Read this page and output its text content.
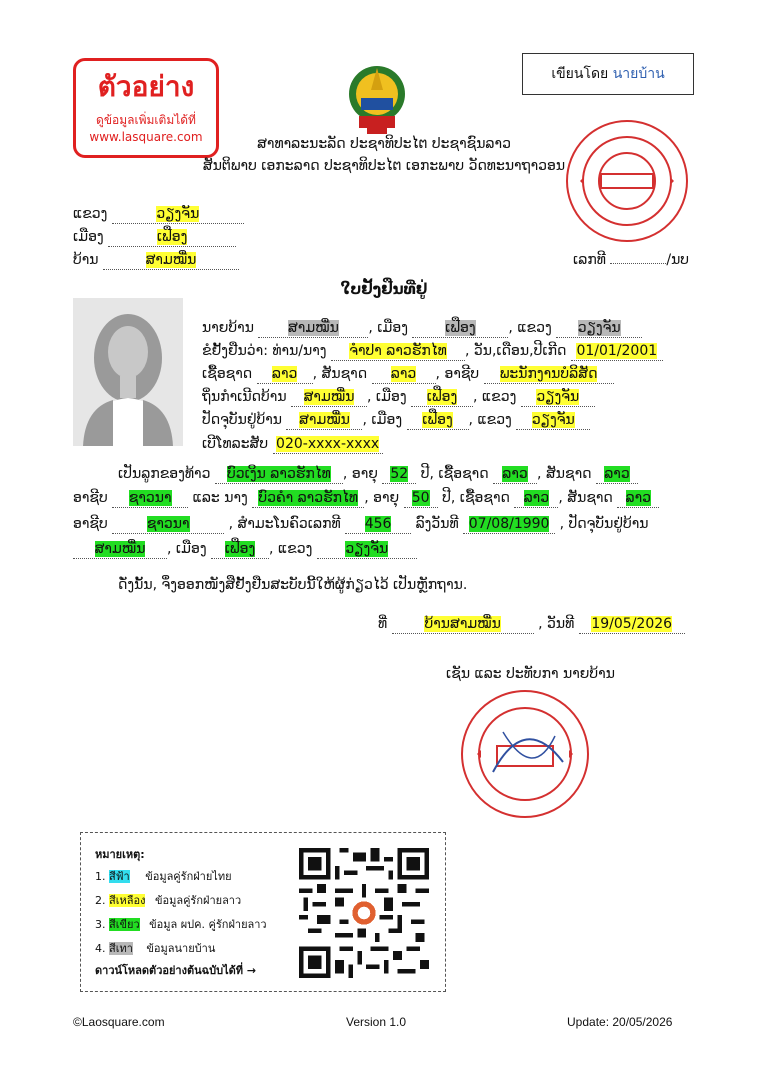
ตัวอย่าง
ดูข้อมูลเพิ่มเติมได้ที่
www.lasquare.com
เขียนโดย นายบ้าน
ສາທາລະນະລັດ ປະຊາທິປະໄຕ ປະຊາຊົນລາວ
ສັນຕິພາບ ເອກະລາດ ປະຊາທິປະໄຕ ເອກະພາບ ວັດທະນາຖາວອນ
ແຂວງ	ວຽງຈັນ
ເມືອງ	ເຟືອງ
ບ້ານ	ສາມໝື່ນ	ເລກທີ	/ນບ
ໃບຢັ້ງຢືນທີ່ຢູ່
ນາຍບ້ານ ສາມໝື່ນ , ເມືອງ	ເຟືອງ , ແຂວງ ວຽງຈັນ
ຂໍຢັ້ງຢືນວ່າ: ທ່ານ/ນາງ ຈຳປາ ລາວຮັກໄທ , ວັນ,ເດືອນ,ປີເກີດ 01/01/2001
ເຊື້ອຊາດ ລາວ , ສັນຊາດ ລາວ , ອາຊີບ ພະນັກງານບໍລິສັດ
ຖິ່ນກຳເນີດບ້ານ ສາມໝື່ນ , ເມືອງ ເຟືອງ , ແຂວງ ວຽງຈັນ
ປັດຈຸບັນຢູ່ບ້ານ ສາມໝື່ນ , ເມືອງ ເຟືອງ , ແຂວງ ວຽງຈັນ
ເບີໂທລະສັບ 020-xxxx-xxxx
ເປັນລູກຂອງທ້າວ ບົວເງິນ ລາວຮັກໄທ , ອາຍຸ 52 ປີ, ເຊື້ອຊາດ ລາວ , ສັນຊາດ ລາວ
ອາຊີບ ຊາວນາ ແລະ ນາງ ບົວຄຳ ລາວຮັກໄທ , ອາຍຸ 50 ປີ, ເຊື້ອຊາດ ລາວ , ສັນຊາດ ລາວ
ອາຊີບ	ຊາວນາ	, ສຳມະໂນຄົວເລກທີ 456 ລົງວັນທີ 07/08/1990 , ປັດຈຸບັນຢູ່ບ້ານ
ສາມໝື່ນ , ເມືອງ ເຟືອງ , ແຂວງ ວຽງຈັນ
ດັ່ງນັ້ນ, ຈຶ່ງອອກໜັງສືຢັ້ງຢືນສະບັບນີ້ໃຫ້ຜູ້ກ່ຽວໄວ້ ເປັນຫຼັກຖານ.
ທີ່	ບ້ານສາມໝື່ນ	, ວັນທີ 19/05/2026
ເຊັນ ແລະ ປະທັບກາ ນາຍບ້ານ
หมายเหตุ:
1. สีฟ้า ข้อมูลคู่รักฝ่ายไทย
2. สีเหลือง ข้อมูลคู่รักฝ่ายลาว
3. สีเขียว ข้อมูล ผปค. คู่รักฝ่ายลาว
4. สีเทา ข้อมูลนายบ้าน
ดาวน์โหลดตัวอย่างต้นฉบับได้ที่ →
©Laosquare.com	Version 1.0	Update: 20/05/2026
